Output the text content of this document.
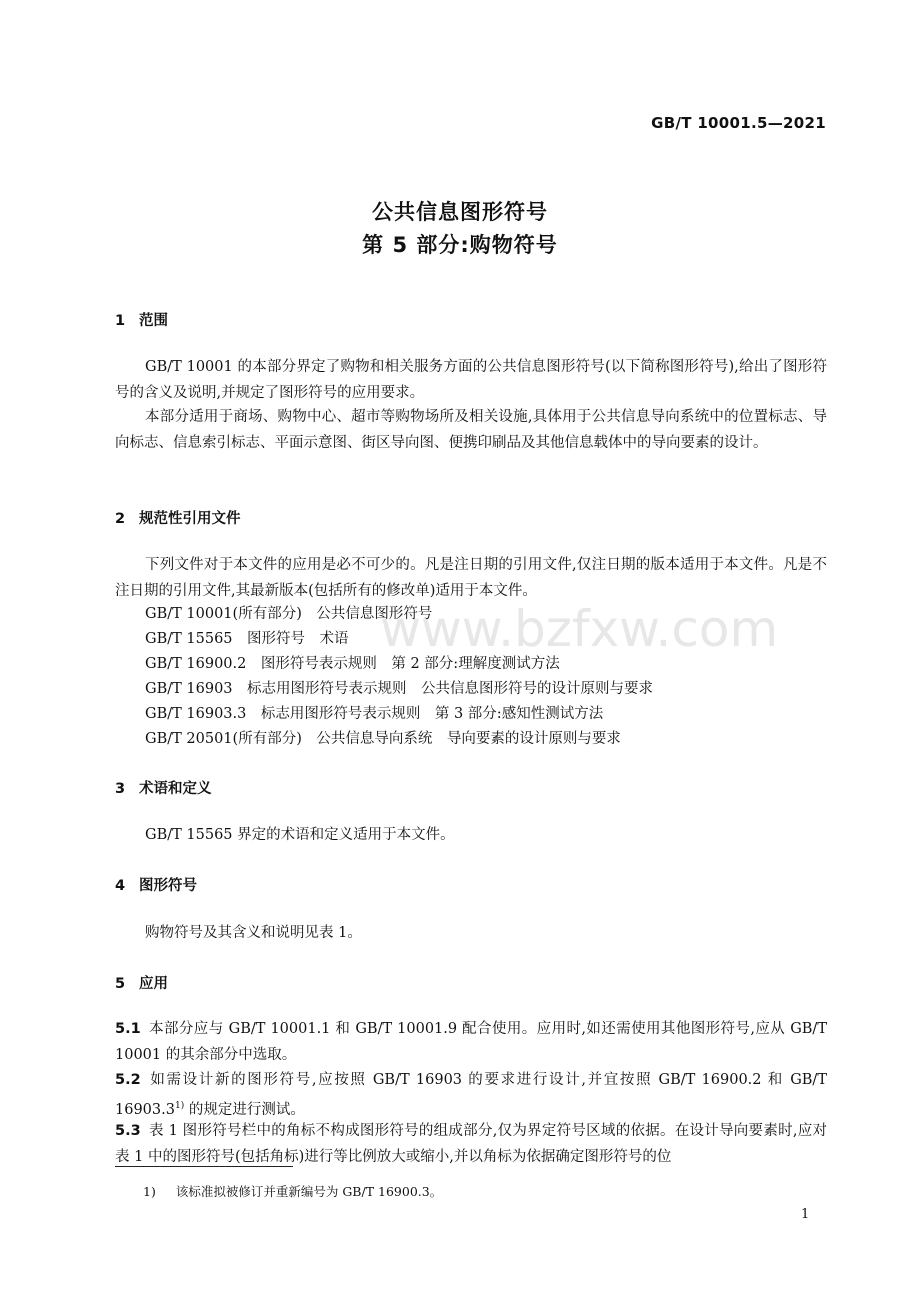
GB/T 10001.5—2021
公共信息图形符号
第 5 部分:购物符号
1 范围
GB/T 10001 的本部分界定了购物和相关服务方面的公共信息图形符号(以下简称图形符号),给出了图形符号的含义及说明,并规定了图形符号的应用要求。
本部分适用于商场、购物中心、超市等购物场所及相关设施,具体用于公共信息导向系统中的位置标志、导向标志、信息索引标志、平面示意图、街区导向图、便携印刷品及其他信息载体中的导向要素的设计。
2 规范性引用文件
下列文件对于本文件的应用是必不可少的。凡是注日期的引用文件,仅注日期的版本适用于本文件。凡是不注日期的引用文件,其最新版本(包括所有的修改单)适用于本文件。
GB/T 10001(所有部分)　公共信息图形符号
GB/T 15565　图形符号　术语
GB/T 16900.2　图形符号表示规则　第 2 部分:理解度测试方法
GB/T 16903　标志用图形符号表示规则　公共信息图形符号的设计原则与要求
GB/T 16903.3　标志用图形符号表示规则　第 3 部分:感知性测试方法
GB/T 20501(所有部分)　公共信息导向系统　导向要素的设计原则与要求
3 术语和定义
GB/T 15565 界定的术语和定义适用于本文件。
4 图形符号
购物符号及其含义和说明见表 1。
5 应用
5.1 本部分应与 GB/T 10001.1 和 GB/T 10001.9 配合使用。应用时,如还需使用其他图形符号,应从 GB/T 10001 的其余部分中选取。
5.2 如需设计新的图形符号,应按照 GB/T 16903 的要求进行设计,并宜按照 GB/T 16900.2 和 GB/T 16903.3$^{1)}$ 的规定进行测试。
5.3 表 1 图形符号栏中的角标不构成图形符号的组成部分,仅为界定符号区域的依据。在设计导向要素时,应对表 1 中的图形符号(包括角标)进行等比例放大或缩小,并以角标为依据确定图形符号的位
1) 该标准拟被修订并重新编号为 GB/T 16900.3。
1
www.bzfxw.com
